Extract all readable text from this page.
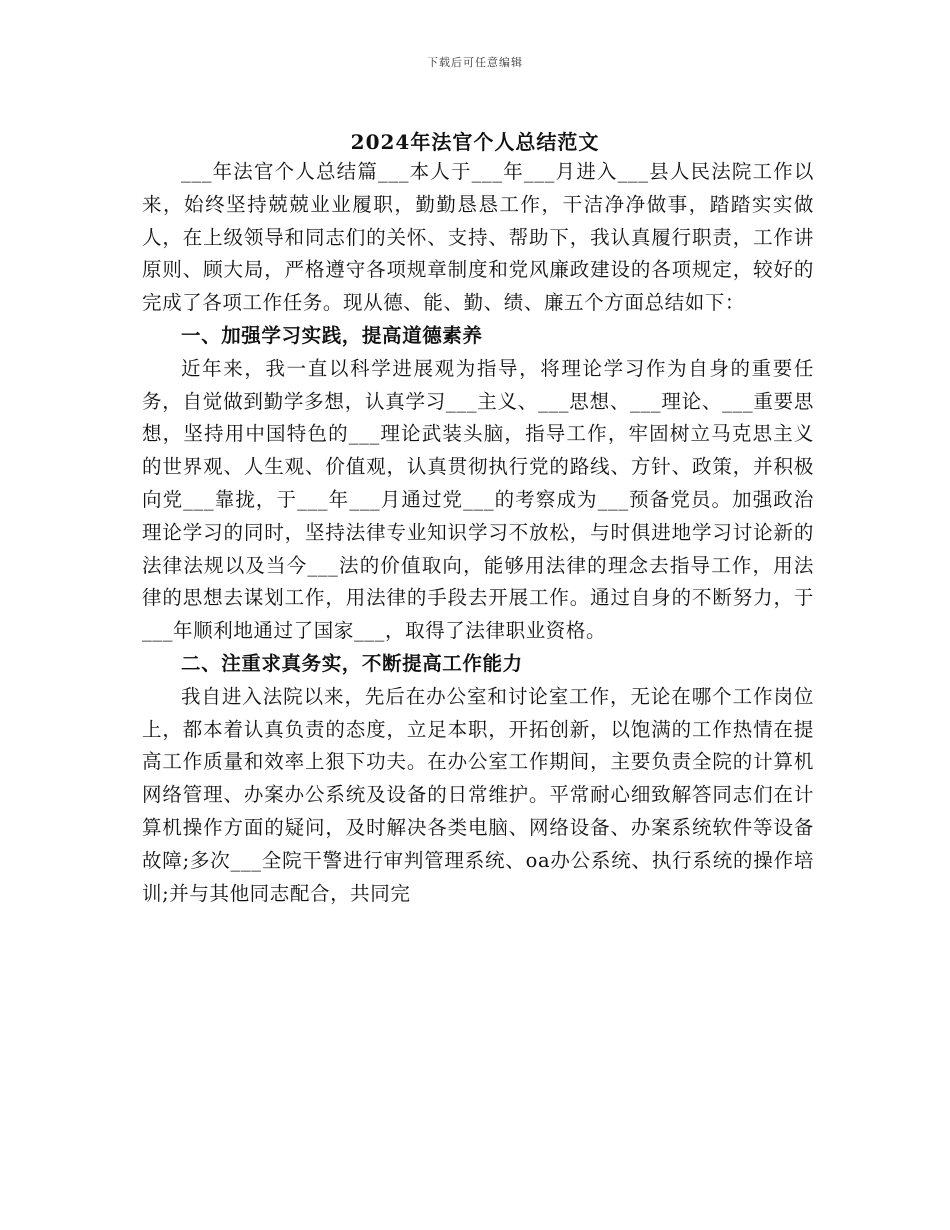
下载后可任意编辑
2024年法官个人总结范文

___年法官个人总结篇___本人于___年___月进入___县人民法院工作以来，始终坚持兢兢业业履职，勤勤恳恳工作，干洁净净做事，踏踏实实做人，在上级领导和同志们的关怀、支持、帮助下，我认真履行职责，工作讲原则、顾大局，严格遵守各项规章制度和党风廉政建设的各项规定，较好的完成了各项工作任务。现从德、能、勤、绩、廉五个方面总结如下：

一、加强学习实践，提高道德素养

近年来，我一直以科学进展观为指导，将理论学习作为自身的重要任务，自觉做到勤学多想，认真学习___主义、___思想、___理论、___重要思想，坚持用中国特色的___理论武装头脑，指导工作，牢固树立马克思主义的世界观、人生观、价值观，认真贯彻执行党的路线、方针、政策，并积极向党___靠拢，于___年___月通过党___的考察成为___预备党员。加强政治理论学习的同时，坚持法律专业知识学习不放松，与时俱进地学习讨论新的法律法规以及当今___法的价值取向，能够用法律的理念去指导工作，用法律的思想去谋划工作，用法律的手段去开展工作。通过自身的不断努力，于___年顺利地通过了国家___，取得了法律职业资格。

二、注重求真务实，不断提高工作能力

我自进入法院以来，先后在办公室和讨论室工作，无论在哪个工作岗位上，都本着认真负责的态度，立足本职，开拓创新，以饱满的工作热情在提高工作质量和效率上狠下功夫。在办公室工作期间，主要负责全院的计算机网络管理、办案办公系统及设备的日常维护。平常耐心细致解答同志们在计算机操作方面的疑问，及时解决各类电脑、网络设备、办案系统软件等设备故障;多次___全院干警进行审判管理系统、oa办公系统、执行系统的操作培训;并与其他同志配合，共同完
